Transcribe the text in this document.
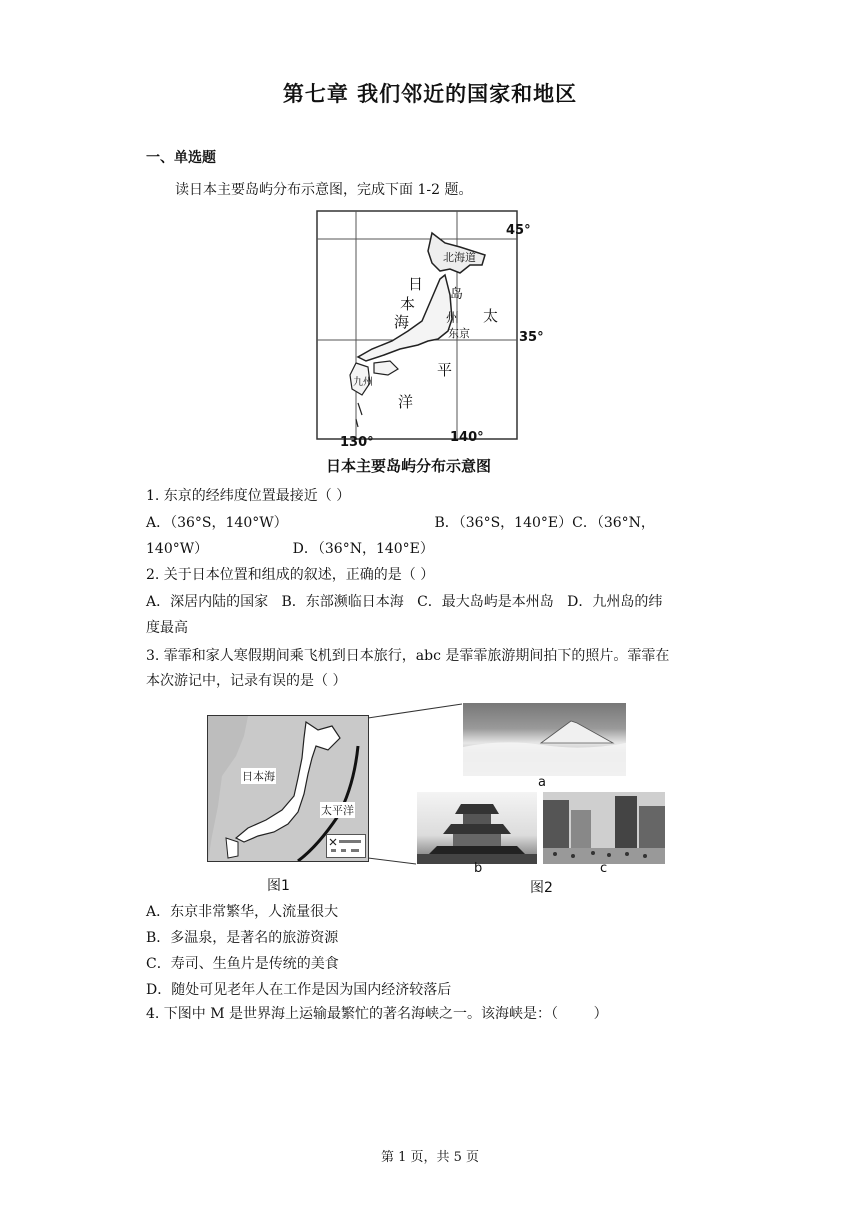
第七章 我们邻近的国家和地区
一、单选题
读日本主要岛屿分布示意图，完成下面 1-2 题。
45°
35°
130°	140°
北海道
岛
日
本
海	州
东京
太
平
洋
九州
日本主要岛屿分布示意图
1. 东京的经纬度位置最接近（ ）
A．（36°S，140°W）                                 B．（36°S，140°E）C．（36°N，
140°W）                   D．（36°N，140°E）
2. 关于日本位置和组成的叙述，正确的是（ ）
A．深居内陆的国家   B．东部濒临日本海   C．最大岛屿是本州岛   D．九州岛的纬
度最高
3. 霏霏和家人寒假期间乘飞机到日本旅行，abc 是霏霏旅游期间拍下的照片。霏霏在
本次游记中，记录有误的是（ ）
日本海
太平洋
a
b	c
图1	图2
A．东京非常繁华，人流量很大
B．多温泉，是著名的旅游资源
C．寿司、生鱼片是传统的美食
D．随处可见老年人在工作是因为国内经济较落后
4. 下图中 M 是世界海上运输最繁忙的著名海峡之一。该海峡是：（        ）
第 1 页，共 5 页
